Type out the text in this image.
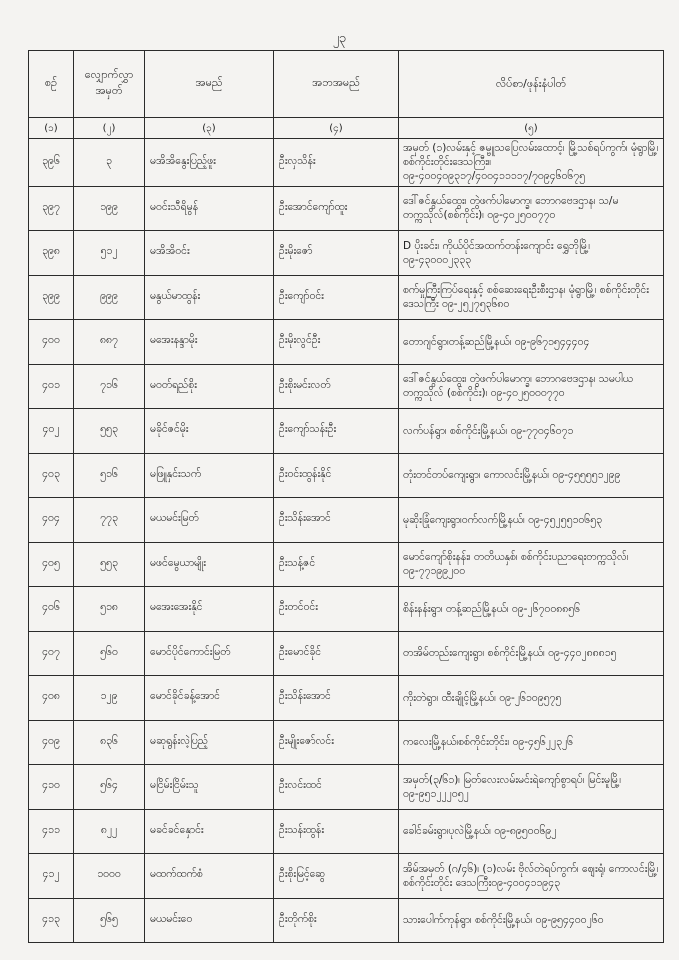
၂၃
စဉ်	လျှောက်လွှာ အမှတ်	အမည်	အဘအမည်	လိပ်စာ/ဖုန်းနံပါတ်
(၁)	(၂)	(၃)	(၄)	(၅)
၃၉၆	၃	မအိအိနွေးပြည့်ဖူး	ဦးလှသိန်း	အမှတ် (၁)လမ်းနှင့် ဇမ္ဗူသပြေလမ်းထောင့်၊ မြို့သစ်ရပ်ကွက်၊ မုံရွာမြို့၊ စစ်ကိုင်းတိုင်းဒေသကြီး။ ၀၉-၄၀၀၄၀၉၃၁၇/၄၀၀၄၁၁၁၁၇/၇၀၉၄၆၀၆၇၅
၃၉၇	၁၉၉	မဝင်းသီရိမွန်	ဦးအောင်ကျော်ထူး	ဒေါ်ဇင်နွယ်ထွေး၊ တွဲဖက်ပါမောက္ခ၊ ဘောဂဗေဒဌာန၊ သ/မတက္ကသိုလ်(စစ်ကိုင်း)၊ ၀၉-၄၀၂၅၀၀၇၇၀
၃၉၈	၅၁၂	မအိအိဝင်း	ဦးမိုးဇော်	D ပိုးခင်း၊ ကိုယ်ပိုင်အထက်တန်းကျောင်း ရွှေဘိုမြို့၊ ၀၉-၄၃၀၀၀၂၃၃၃
၃၉၉	၉၉၉	မနွယ်မာထွန်း	ဦးကျော်ဝင်း	စက်မှုကြီးကြပ်ရေးနှင့် စစ်ဆေးရေးဦးစီးဌာန၊ မုံရွာမြို့၊ စစ်ကိုင်းတိုင်းဒေသကြီး ၀၉-၂၅၂၇၅၃၆၈၀
၄၀၀	၈၈၇	မအေးနန္ဒာမိုး	ဦးမိုးလွင်ဦး	တောဂျင်ရွာ၊တန့်ဆည်မြို့နယ်၊ ၀၉-၉၆၇၁၅၄၄၄၀၄
၄၀၁	၇၁၆	မဝတ်ရည်စိုး	ဦးစိုးမင်းလတ်	ဒေါ်ဇင်နွယ်ထွေး၊ တွဲဖက်ပါမောက္ခ၊ ဘောဂဗေဒဌာန၊ သမပါယတက္ကသိုလ် (စစ်ကိုင်း)၊ ၀၉-၄၀၂၅၀၀၀၇၇၀
၄၀၂	၅၅၃	မခိုင်ဇင်မိုး	ဦးကျော်သန်းဦး	လက်ပန်ရွာ၊ စစ်ကိုင်းမြို့နယ်၊ ၀၉-၇၇၀၄၆၀၇၁
၄၀၃	၅၁၆	မဖြူနှင်းသက်	ဦးဝင်းထွန်းနိုင်	တုံးတင်တပ်ကျေးရွာ၊ ကောလင်းမြို့နယ်၊ ၀၉-၄၅၅၅၅၁၂၉၉
၄၀၄	၇၇၃	မယမင်းမြတ်	ဦးသိန်းအောင်	မုဆိုးခြုံကျေးရွာ၊ဝက်လက်မြို့နယ်၊ ၀၉-၄၅၂၅၅၁၀၆၅၃
၄၀၅	၅၅၃	မဖင်မွေယာမျိုး	ဦးသန့်ဇင်	မောင်ကျော်စိုးနန်း၊ တတိယနှစ်၊ စစ်ကိုင်းပညာရေးတက္ကသိုလ်၊ ၀၉-၇၇၁၉၉၂၀၀
၄၀၆	၅၁၈	မအေးအေးနိုင်	ဦးတင်ဝင်း	စိန်းနန်းရွာ၊ တန့်ဆည်မြို့နယ်၊ ၀၉-၂၆၇၀၀၈၈၅၆
၄၀၇	၅၆၀	မောင်ပိုင်ကောင်းမြတ်	ဦးမောင်ခိုင်	တအိမ်တည်းကျေးရွာ၊ စစ်ကိုင်းမြို့နယ်၊ ၀၉-၄၄၀၂၈၈၈၁၅
၄၀၈	၁၂၉	မောင်ခိုင်ခန့်အောင်	ဦးသိန်းအောင်	ကိုးတဲရွာ၊ ထီးချိုင့်မြို့နယ်၊ ၀၉-၂၆၁၀၉၅၇၅
၄၀၉	၈၃၆	မဆုရွန်းလဲ့ပြည့်	ဦးမျိုးဇော်လင်း	ကလေးမြို့နယ်၊စစ်ကိုင်းတိုင်း၊ ၀၉-၄၅၆၂၂၃၂၆
၄၁၀	၅၆၄	မငြိမ်းငြိမ်းသူ	ဦးလင်းထင်	အမှတ်(၃/၆၁)၊ မြတ်လေးလမ်းမင်းရဲကျော်စွာရပ်၊ မြင်းမူမြို့၊ ၀၉-၉၅၁၂၂၂၀၅၂
၄၁၁	၈၂၂	မခင်ခင်နှောင်း	ဦးသန်းထွန်း	ခေါင်ခမ်းရွာ၊ပုလဲမြို့နယ်၊ ၀၉-၈၉၅၀၀၆၉၂
၄၁၂	၁၀၀၀	မထက်ထက်စံ	ဦးစိုးမြင့်ဆွေ	အိမ်အမှတ် (ဂ/၄၆)၊ (၁)လမ်း ဗိုလ်တဲရပ်ကွက်၊ ဈေးရုံ၊ ကောလင်းမြို့၊ စစ်ကိုင်းတိုင်း ဒေသကြီး၀၉-၄၀၀၄၁၁၉၄၃
၄၁၃	၅၆၅	မယမင်းဝေ	ဦးတိုက်စိုး	သားပေါက်ကုန်ရွာ၊ စစ်ကိုင်းမြို့နယ်၊ ၀၉-၉၅၄၄၀၀၂၆၀
